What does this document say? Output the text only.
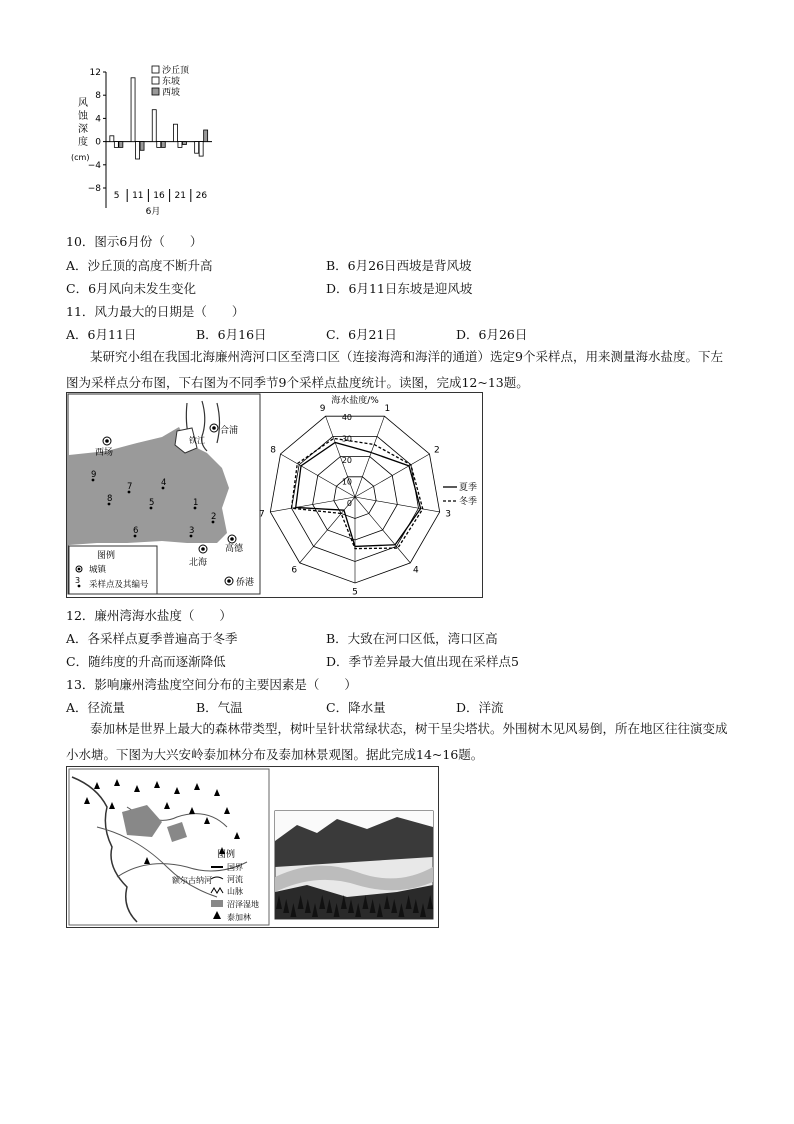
风
蚀
深
度
(cm)
12
8
4
0
−4
−8
5 11 16 21 26
6月
沙丘顶
东坡
西坡
10．图示6月份（　　）
A．沙丘顶的高度不断升高	B．6月26日西坡是背风坡
C．6月风向未发生变化	D．6月11日东坡是迎风坡
11．风力最大的日期是（　　）
A．6月11日	B．6月16日	C．6月21日	D．6月26日
某研究小组在我国北海廉州湾河口区至湾口区（连接海湾和海洋的通道）选定9个采样点，用来测量海水盐度。下左图为采样点分布图，下右图为不同季节9个采样点盐度统计。读图，完成12~13题。
合浦
西场
钦江
北海
高德
侨港
1
2
3
4
5
6
7
8
9
图例
城镇
3 采样点及其编号
1
2
3
4
5
6
7
8
9
40
30
20
10
0
海水盐度/%
夏季
冬季
12．廉州湾海水盐度（　　）
A．各采样点夏季普遍高于冬季	B．大致在河口区低，湾口区高
C．随纬度的升高而逐渐降低	D．季节差异最大值出现在采样点5
13．影响廉州湾盐度空间分布的主要因素是（　　）
A．径流量	B．气温	C．降水量	D．洋流
泰加林是世界上最大的森林带类型，树叶呈针状常绿状态，树干呈尖塔状。外围树木见风易倒，所在地区往往演变成小水塘。下图为大兴安岭泰加林分布及泰加林景观图。据此完成14~16题。
额尔古纳河
图例
国界
河流
山脉
沼泽湿地
泰加林
